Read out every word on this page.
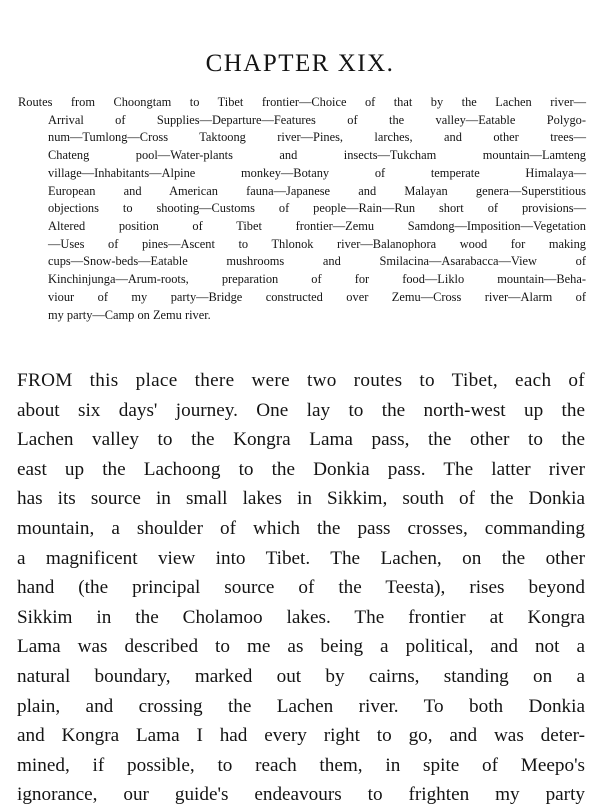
CHAPTER XIX.
Routes from Choongtam to Tibet frontier—Choice of that by the Lachen river—
Arrival of Supplies—Departure—Features of the valley—Eatable Polygo-
num—Tumlong—Cross Taktoong river—Pines, larches, and other trees—
Chateng pool—Water-plants and insects—Tukcham mountain—Lamteng
village—Inhabitants—Alpine monkey—Botany of temperate Himalaya—
European and American fauna—Japanese and Malayan genera—Superstitious
objections to shooting—Customs of people—Rain—Run short of provisions—
Altered position of Tibet frontier—Zemu Samdong—Imposition—Vegetation
—Uses of pines—Ascent to Thlonok river—Balanophora wood for making
cups—Snow-beds—Eatable mushrooms and Smilacina—Asarabacca—View of
Kinchinjunga—Arum-roots, preparation of for food—Liklo mountain—Beha-
viour of my party—Bridge constructed over Zemu—Cross river—Alarm of
my party—Camp on Zemu river.
FROM this place there were two routes to Tibet, each of
about six days' journey. One lay to the north-west up the
Lachen valley to the Kongra Lama pass, the other to the
east up the Lachoong to the Donkia pass. The latter river
has its source in small lakes in Sikkim, south of the Donkia
mountain, a shoulder of which the pass crosses, commanding
a magnificent view into Tibet. The Lachen, on the other
hand (the principal source of the Teesta), rises beyond
Sikkim in the Cholamoo lakes. The frontier at Kongra
Lama was described to me as being a political, and not a
natural boundary, marked out by cairns, standing on a
plain, and crossing the Lachen river. To both Donkia
and Kongra Lama I had every right to go, and was deter-
mined, if possible, to reach them, in spite of Meepo's
ignorance, our guide's endeavours to frighten my party
